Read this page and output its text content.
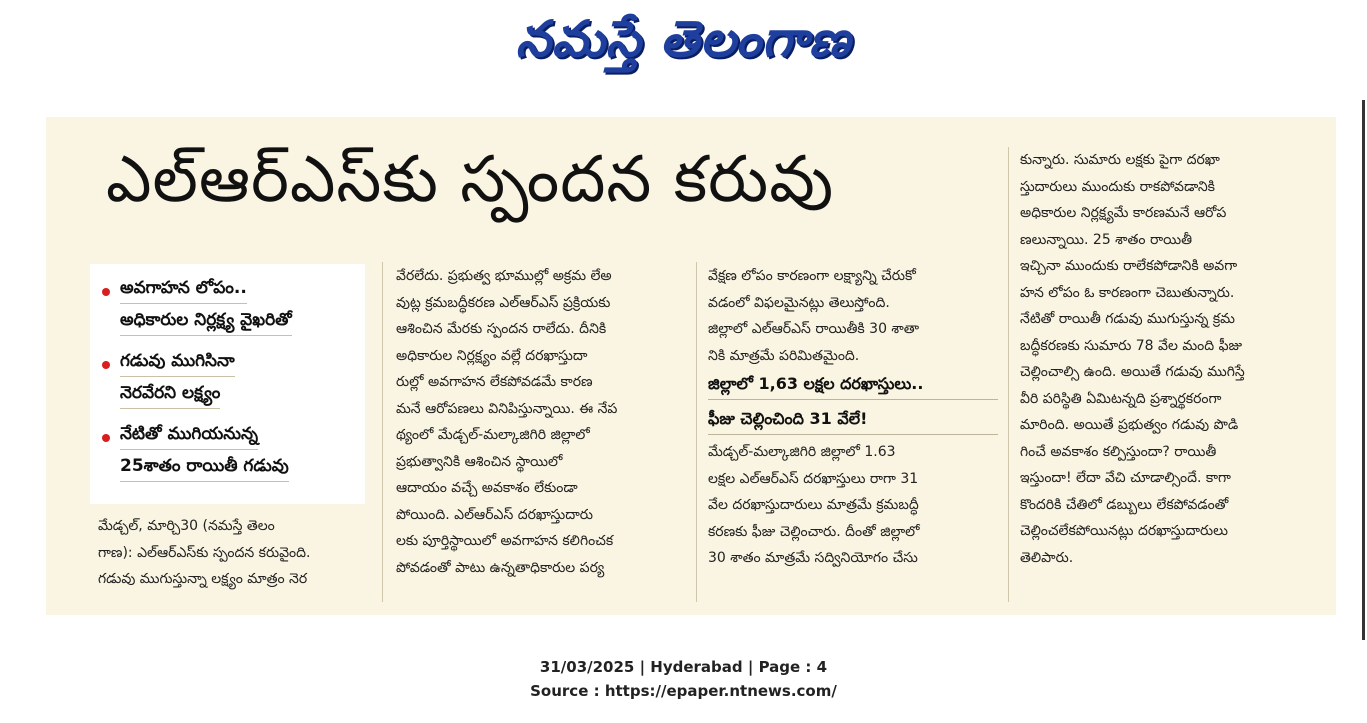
నమస్తే తెలంగాణ
ఎల్‌ఆర్‌ఎస్‌కు స్పందన కరువు
అవగాహన లోపం..
అధికారుల నిర్లక్ష్య వైఖరితో
గడువు ముగిసినా
నెరవేరని లక్ష్యం
నేటితో ముగియనున్న
25శాతం రాయితీ గడువు

మేడ్చల్‌, మార్చి30 (నమస్తే తెలం

గాణ): ఎల్‌ఆర్‌ఎస్‌కు స్పందన కరువైంది.

గడువు ముగుస్తున్నా లక్ష్యం మాత్రం నెర

వేరలేదు. ప్రభుత్వ భూముల్లో అక్రమ లేఅ

వుట్ల క్రమబద్ధీకరణ ఎల్‌ఆర్‌ఎస్‌ ప్రక్రియకు

ఆశించిన మేరకు స్పందన రాలేదు. దీనికి

అధికారుల నిర్లక్ష్యం వల్లే దరఖాస్తుదా

రుల్లో అవగాహన లేకపోవడమే కారణ

మనే ఆరోపణలు వినిపిస్తున్నాయి. ఈ నేప

థ్యంలో మేడ్చల్‌-మల్కాజిగిరి జిల్లాలో

ప్రభుత్వానికి ఆశించిన స్థాయిలో

ఆదాయం వచ్చే అవకాశం లేకుండా

పోయింది. ఎల్‌ఆర్‌ఎస్‌ దరఖాస్తుదారు

లకు పూర్తిస్థాయిలో అవగాహన కలిగించక

పోవడంతో పాటు ఉన్నతాధికారుల పర్య

వేక్షణ లోపం కారణంగా లక్ష్యాన్ని చేరుకో

వడంలో విఫలమైనట్లు తెలుస్తోంది.

జిల్లాలో ఎల్‌ఆర్‌ఎస్‌ రాయితీకి 30 శాతా

నికి మాత్రమే పరిమితమైంది.

జిల్లాలో 1,63 లక్షల దరఖాస్తులు..
ఫీజు చెల్లించింది 31 వేలే!

మేడ్చల్‌-మల్కాజిగిరి జిల్లాలో 1.63

లక్షల ఎల్‌ఆర్‌ఎస్‌ దరఖాస్తులు రాగా 31

వేల దరఖాస్తుదారులు మాత్రమే క్రమబద్ధీ

కరణకు ఫీజు చెల్లించారు. దీంతో జిల్లాలో

30 శాతం మాత్రమే సద్వినియోగం చేసు

కున్నారు. సుమారు లక్షకు పైగా దరఖా

స్తుదారులు ముందుకు రాకపోవడానికి

అధికారుల నిర్లక్ష్యమే కారణమనే ఆరోప

ణలున్నాయి. 25 శాతం రాయితీ

ఇచ్చినా ముందుకు రాలేకపోడానికి అవగా

హన లోపం ఓ కారణంగా చెబుతున్నారు.

నేటితో రాయితీ గడువు ముగుస్తున్న క్రమ

బద్ధీకరణకు సుమారు 78 వేల మంది ఫీజు

చెల్లించాల్సి ఉంది. అయితే గడువు ముగిస్తే

వీరి పరిస్థితి ఏమిటన్నది ప్రశ్నార్థకరంగా

మారింది. అయితే ప్రభుత్వం గడువు పొడి

గించే అవకాశం కల్పిస్తుందా? రాయితీ

ఇస్తుందా! లేదా వేచి చూడాల్సిందే. కాగా

కొందరికి చేతిలో డబ్బులు లేకపోవడంతో

చెల్లించలేకపోయినట్లు దరఖాస్తుదారులు

తెలిపారు.

31/03/2025 | Hyderabad | Page : 4
Source : https://epaper.ntnews.com/
